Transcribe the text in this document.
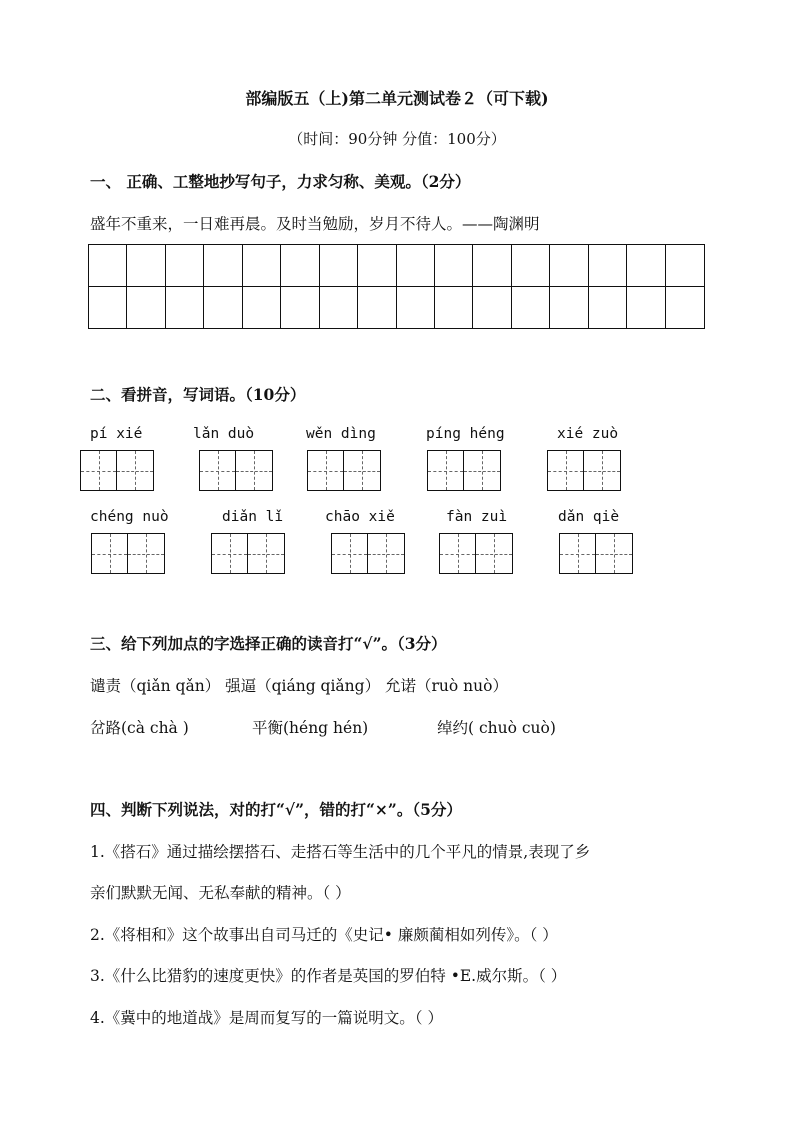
部编版五（上)第二单元测试卷２（可下载)
（时间：90分钟 分值：100分）
一、 正确、工整地抄写句子，力求匀称、美观。（2分）
盛年不重来，一日难再晨。及时当勉励，岁月不待人。——陶渊明
二、看拼音，写词语。（10分）
pí xié	lǎn duò	wěn dìng	píng héng	xié zuò
chéng nuò	diǎn lǐ	chāo xiě	fàn zuì	dǎn qiè
三、给下列加点的字选择正确的读音打“√”。（3分）
谴责（qiǎn qǎn） 强逼（qiáng qiǎng） 允诺（ruò nuò）
岔路(cà chà )	平衡(héng hén)	绰约( chuò cuò)
四、判断下列说法，对的打“√”，错的打“×”。（5分）
1.《搭石》通过描绘摆搭石、走搭石等生活中的几个平凡的情景,表现了乡
亲们默默无闻、无私奉献的精神。（ ）
2.《将相和》这个故事出自司马迁的《史记• 廉颇蔺相如列传》。（ ）
3.《什么比猎豹的速度更快》的作者是英国的罗伯特 •E.威尔斯。（ ）
4.《冀中的地道战》是周而复写的一篇说明文。（ ）
